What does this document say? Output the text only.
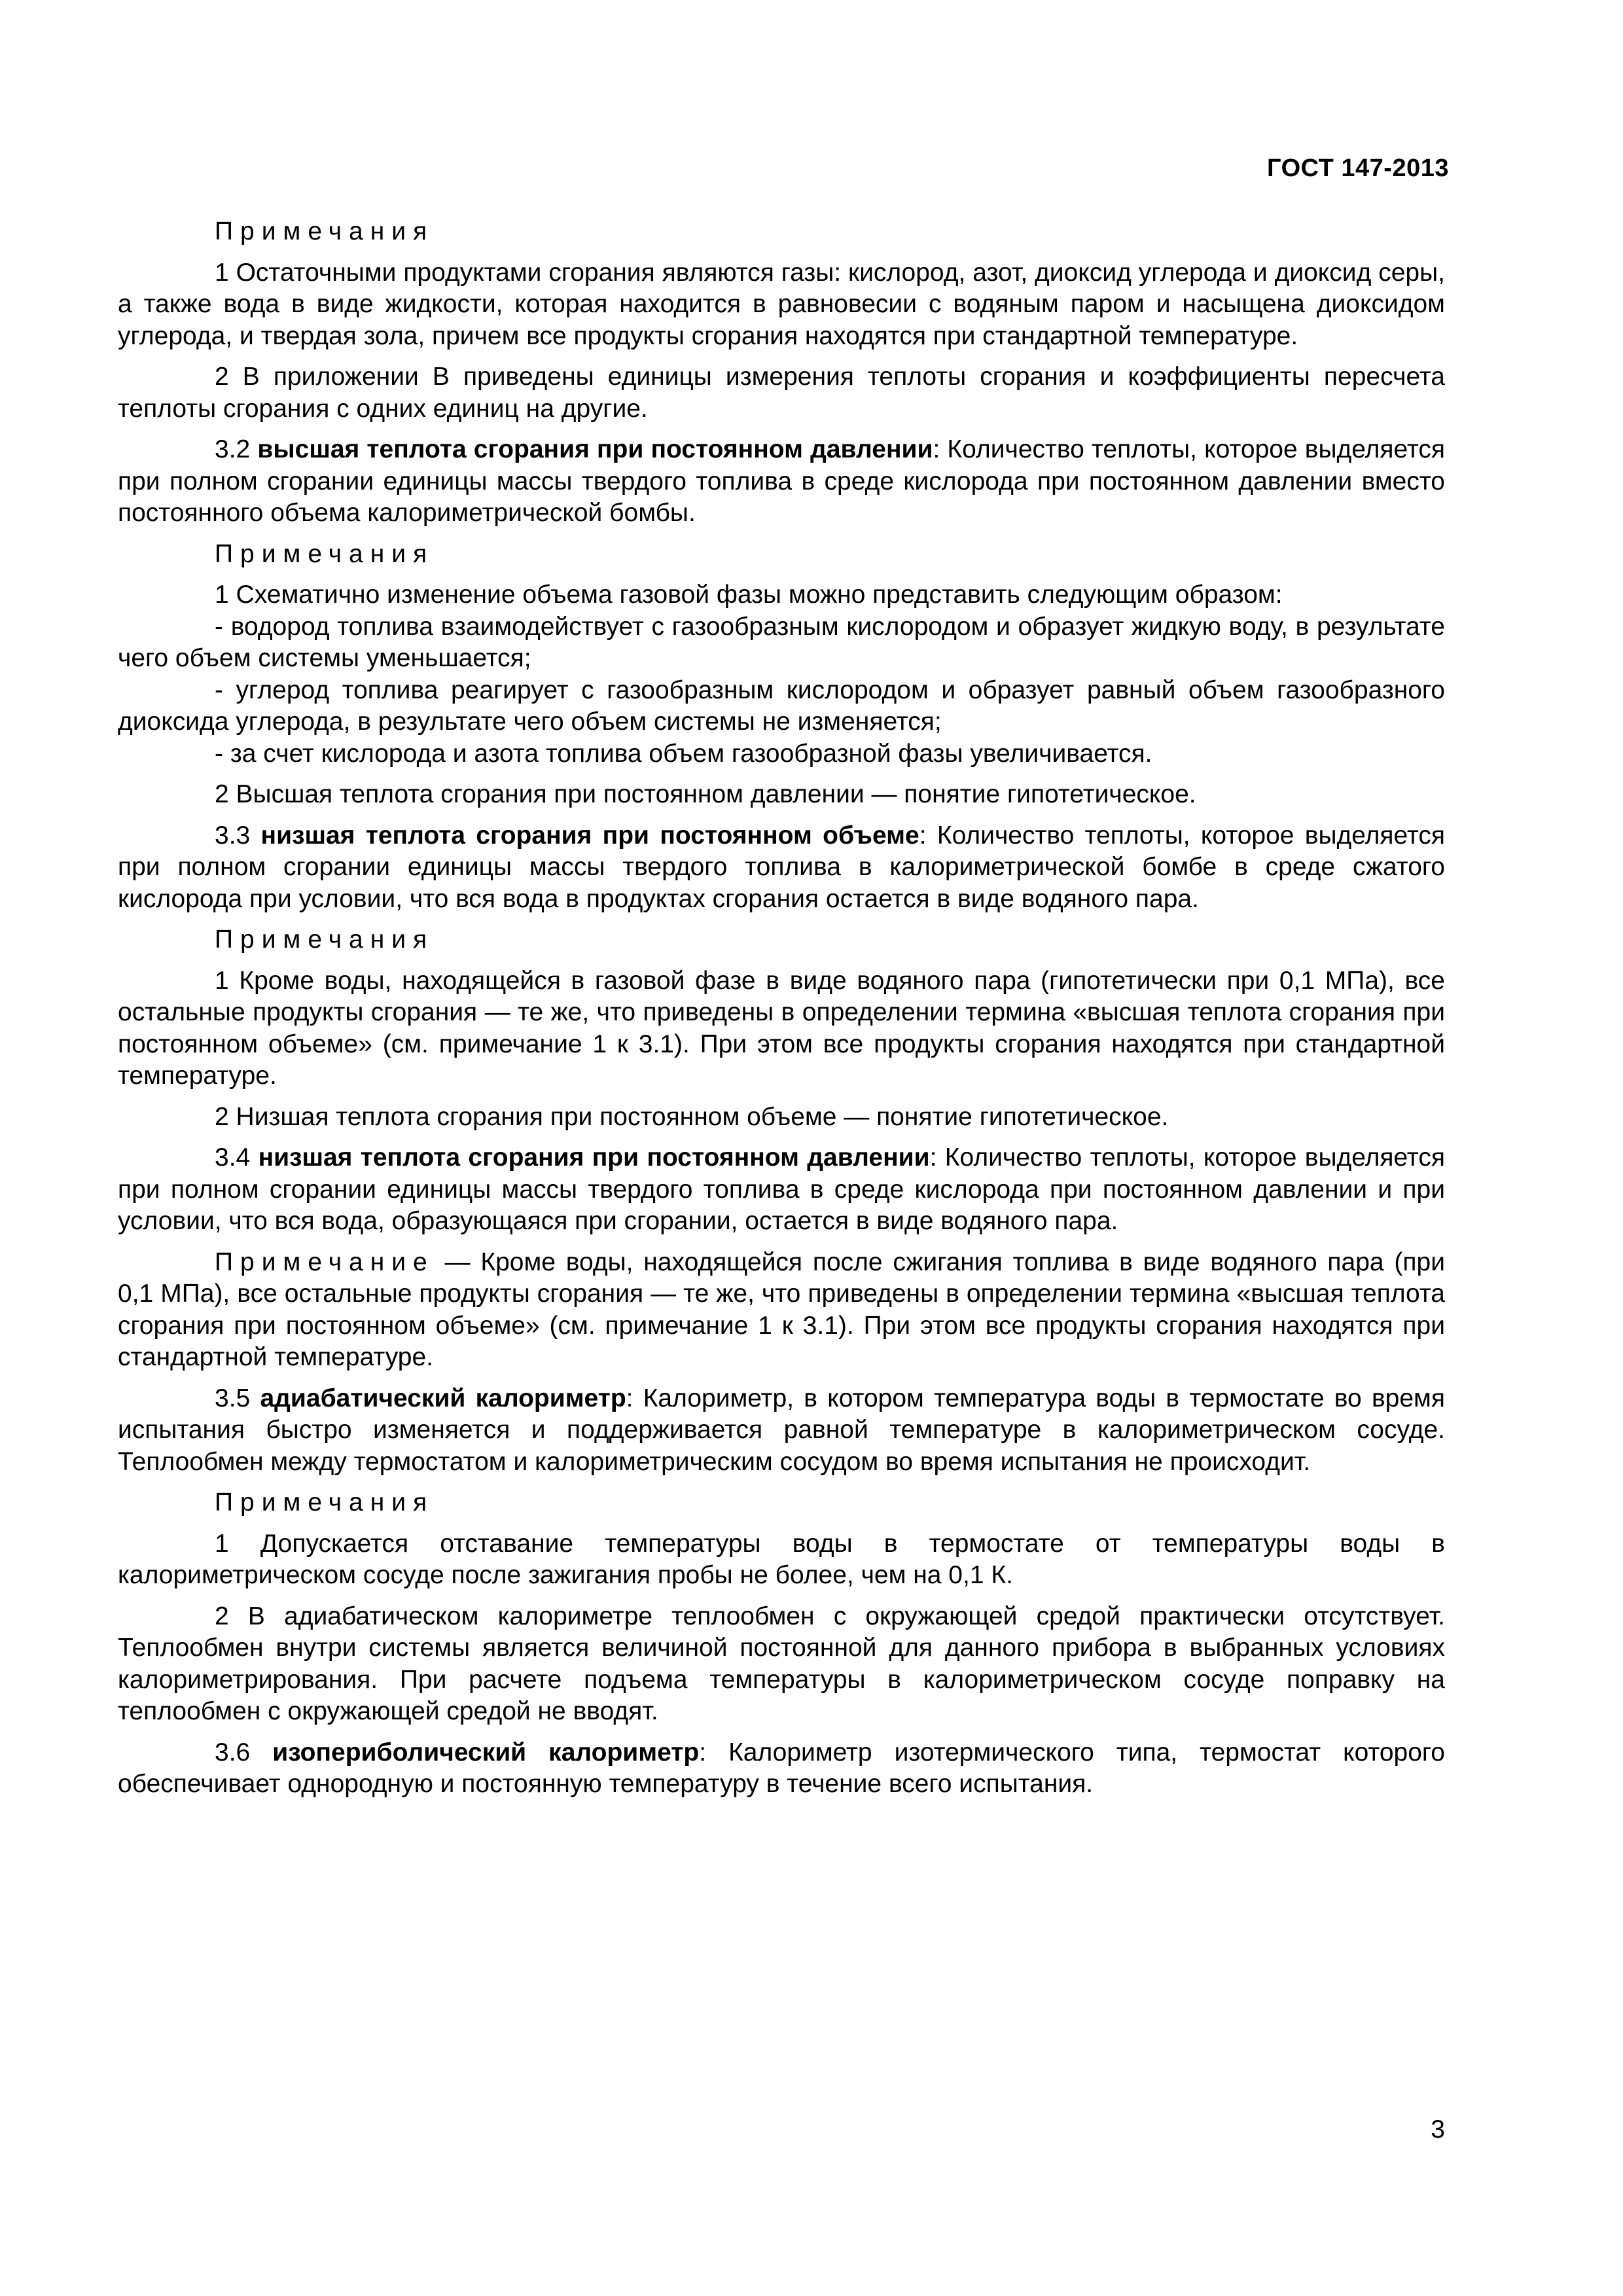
ГОСТ 147-2013

Примечания

1 Остаточными продуктами сгорания являются газы: кислород, азот, диоксид углерода и диоксид серы, а также вода в виде жидкости, которая находится в равновесии с водяным паром и насыщена диоксидом углерода, и твердая зола, причем все продукты сгорания находятся при стандартной температуре.

2 В приложении В приведены единицы измерения теплоты сгорания и коэффициенты пересчета теплоты сгорания с одних единиц на другие.

3.2 высшая теплота сгорания при постоянном давлении: Количество теплоты, которое выделяется при полном сгорании единицы массы твердого топлива в среде кислорода при постоянном давлении вместо постоянного объема калориметрической бомбы.

Примечания

1 Схематично изменение объема газовой фазы можно представить следующим образом:

- водород топлива взаимодействует с газообразным кислородом и образует жидкую воду, в результате чего объем системы уменьшается;

- углерод топлива реагирует с газообразным кислородом и образует равный объем газообразного диоксида углерода, в результате чего объем системы не изменяется;

- за счет кислорода и азота топлива объем газообразной фазы увеличивается.

2 Высшая теплота сгорания при постоянном давлении — понятие гипотетическое.

3.3 низшая теплота сгорания при постоянном объеме: Количество теплоты, которое выделяется при полном сгорании единицы массы твердого топлива в калориметрической бомбе в среде сжатого кислорода при условии, что вся вода в продуктах сгорания остается в виде водяного пара.

Примечания

1 Кроме воды, находящейся в газовой фазе в виде водяного пара (гипотетически при 0,1 МПа), все остальные продукты сгорания — те же, что приведены в определении термина «высшая теплота сгорания при постоянном объеме» (см. примечание 1 к 3.1). При этом все продукты сгорания находятся при стандартной температуре.

2 Низшая теплота сгорания при постоянном объеме — понятие гипотетическое.

3.4 низшая теплота сгорания при постоянном давлении: Количество теплоты, которое выделяется при полном сгорании единицы массы твердого топлива в среде кислорода при постоянном давлении и при условии, что вся вода, образующаяся при сгорании, остается в виде водяного пара.

Примечание — Кроме воды, находящейся после сжигания топлива в виде водяного пара (при 0,1 МПа), все остальные продукты сгорания — те же, что приведены в определении термина «высшая теплота сгорания при постоянном объеме» (см. примечание 1 к 3.1). При этом все продукты сгорания находятся при стандартной температуре.

3.5 адиабатический калориметр: Калориметр, в котором температура воды в термостате во время испытания быстро изменяется и поддерживается равной температуре в калориметрическом сосуде. Теплообмен между термостатом и калориметрическим сосудом во время испытания не происходит.

Примечания

1 Допускается отставание температуры воды в термостате от температуры воды в калориметрическом сосуде после зажигания пробы не более, чем на 0,1 К.

2 В адиабатическом калориметре теплообмен с окружающей средой практически отсутствует. Теплообмен внутри системы является величиной постоянной для данного прибора в выбранных условиях калориметрирования. При расчете подъема температуры в калориметрическом сосуде поправку на теплообмен с окружающей средой не вводят.

3.6 изопериболический калориметр: Калориметр изотермического типа, термостат которого обеспечивает однородную и постоянную температуру в течение всего испытания.

3
